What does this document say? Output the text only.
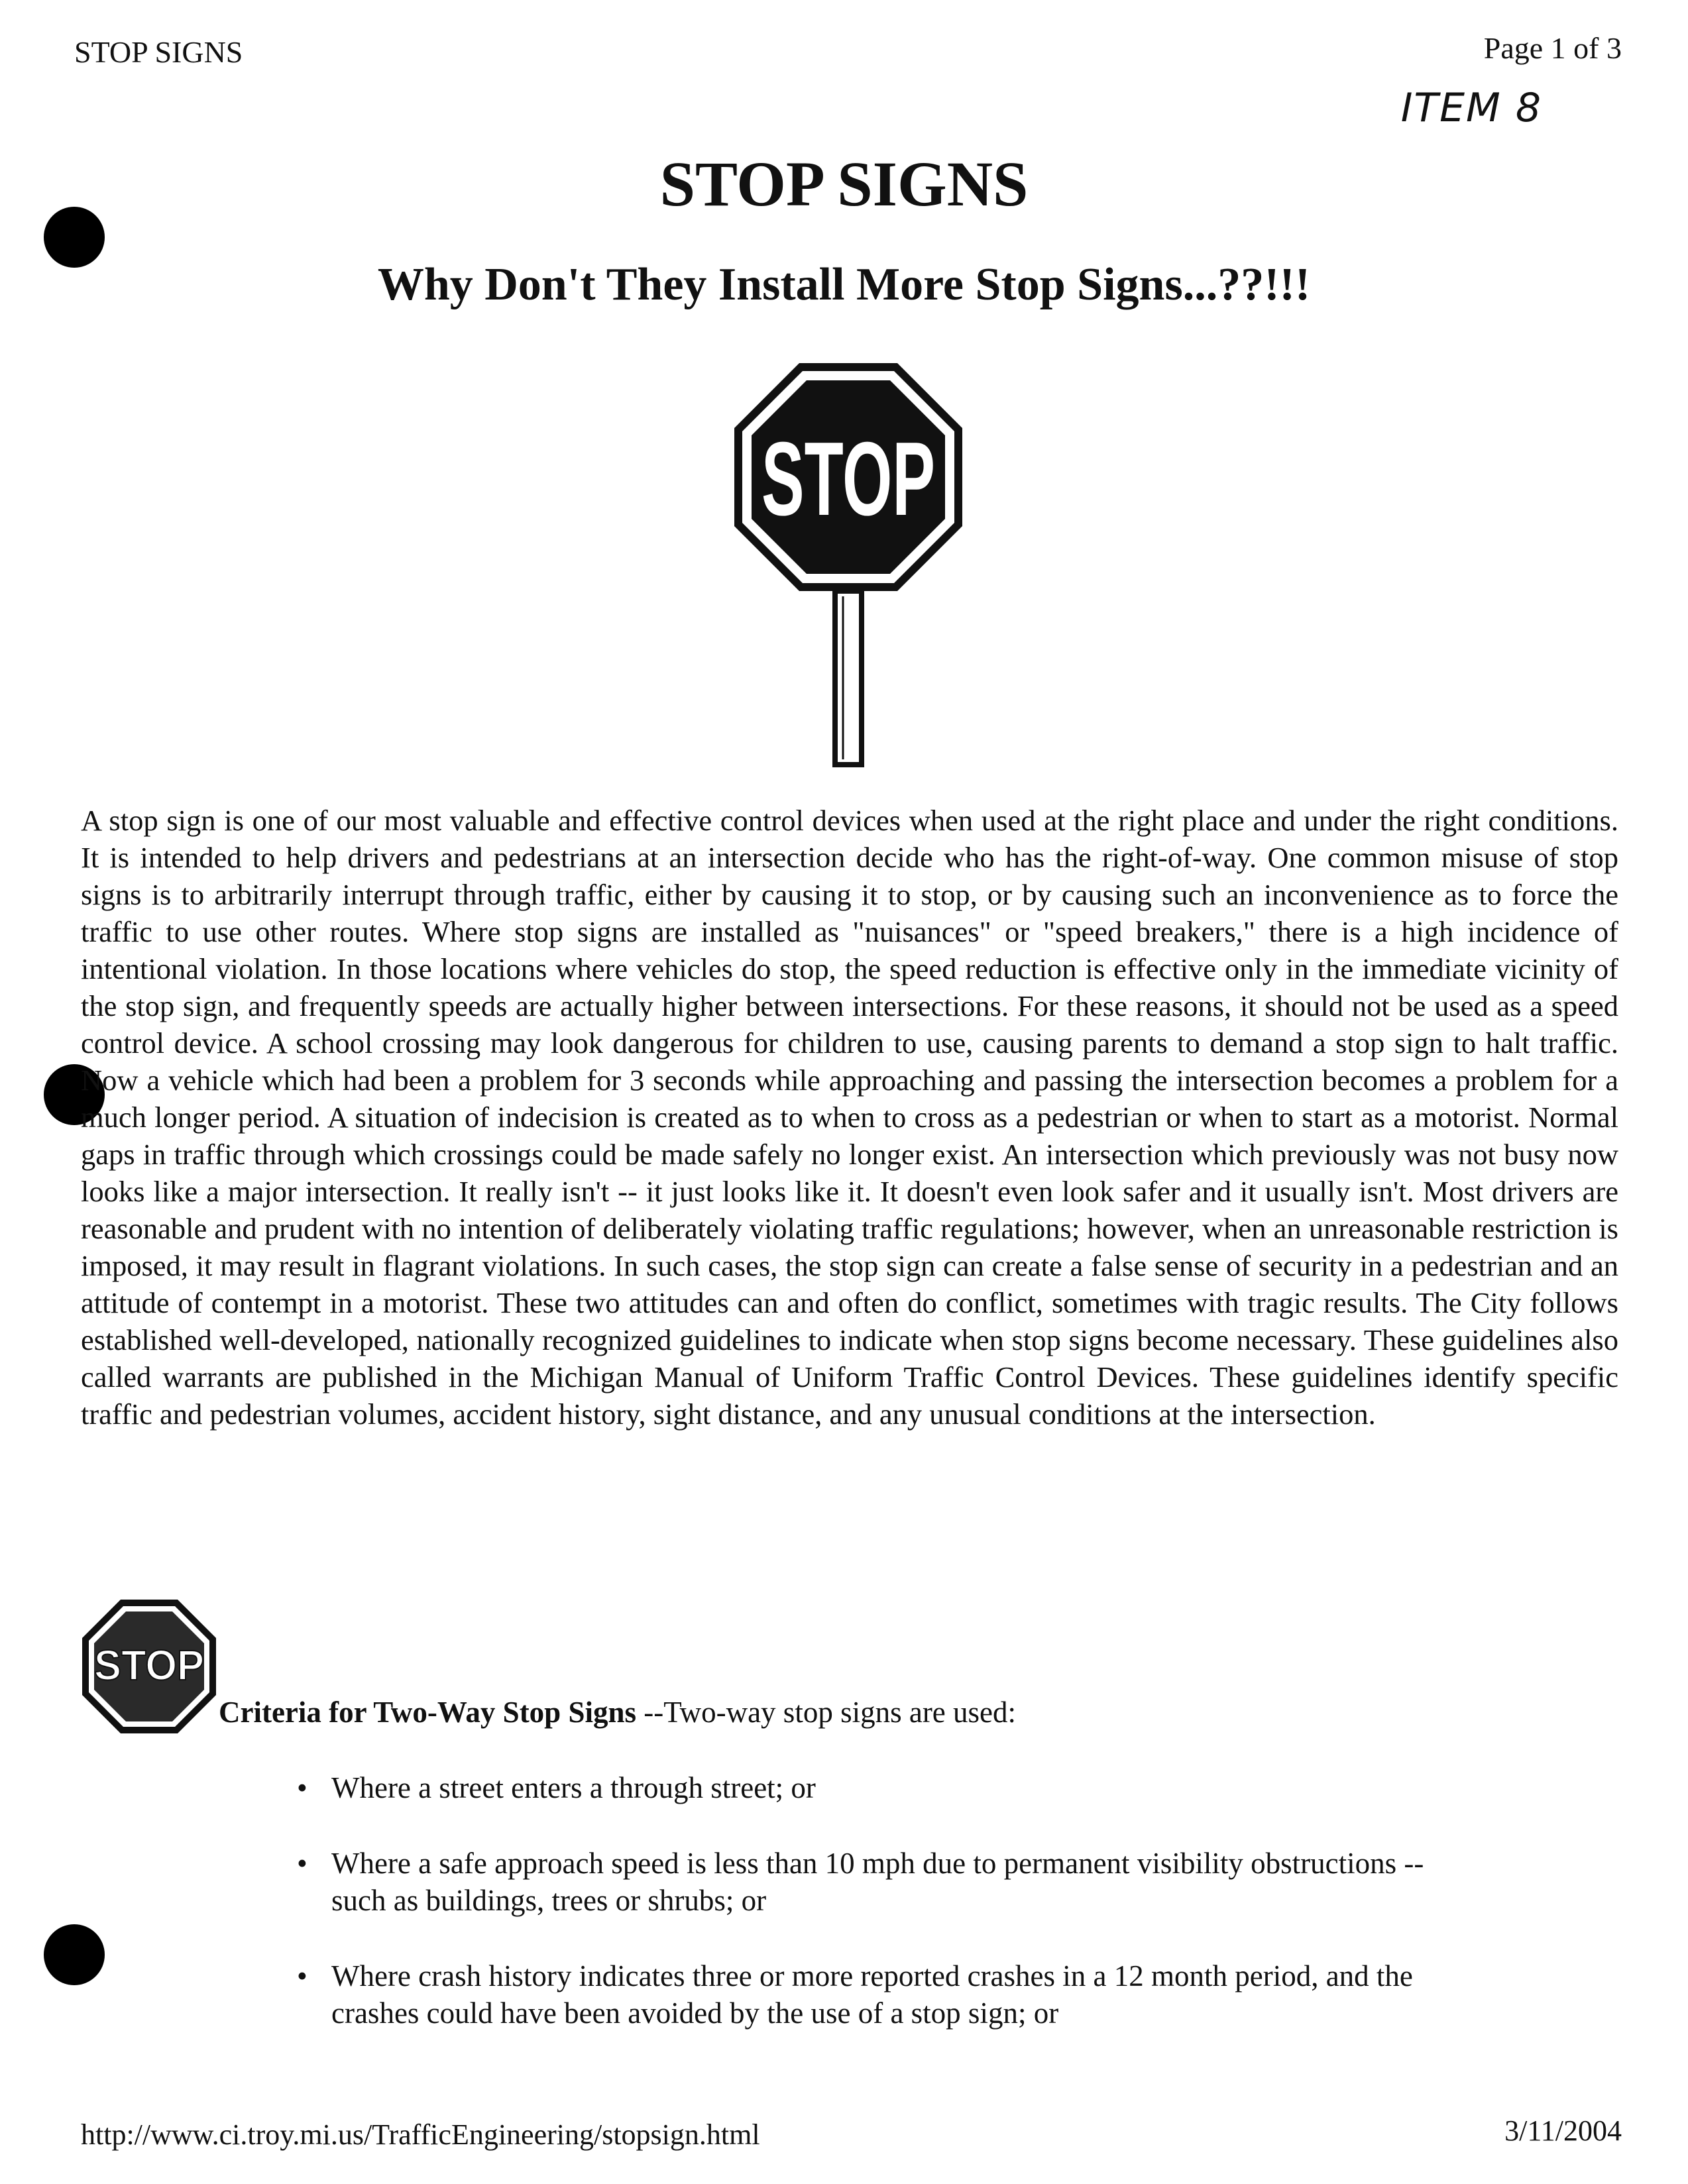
STOP SIGNS	Page 1 of 3
ITEM 8
STOP SIGNS
Why Don't They Install More Stop Signs...??!!!
STOP

A stop sign is one of our most valuable and effective control devices when used at the right place and under the right conditions. It is intended to help drivers and pedestrians at an intersection decide who has the right-of-way. One common misuse of stop signs is to arbitrarily interrupt through traffic, either by causing it to stop, or by causing such an inconvenience as to force the traffic to use other routes. Where stop signs are installed as "nuisances" or "speed breakers," there is a high incidence of intentional violation. In those locations where vehicles do stop, the speed reduction is effective only in the immediate vicinity of the stop sign, and frequently speeds are actually higher between intersections. For these reasons, it should not be used as a speed control device. A school crossing may look dangerous for children to use, causing parents to demand a stop sign to halt traffic. Now a vehicle which had been a problem for 3 seconds while approaching and passing the intersection becomes a problem for a much longer period. A situation of indecision is created as to when to cross as a pedestrian or when to start as a motorist. Normal gaps in traffic through which crossings could be made safely no longer exist. An intersection which previously was not busy now looks like a major intersection. It really isn't -- it just looks like it. It doesn't even look safer and it usually isn't. Most drivers are reasonable and prudent with no intention of deliberately violating traffic regulations; however, when an unreasonable restriction is imposed, it may result in flagrant violations. In such cases, the stop sign can create a false sense of security in a pedestrian and an attitude of contempt in a motorist. These two attitudes can and often do conflict, sometimes with tragic results. The City follows established well-developed, nationally recognized guidelines to indicate when stop signs become necessary. These guidelines also called warrants are published in the Michigan Manual of Uniform Traffic Control Devices. These guidelines identify specific traffic and pedestrian volumes, accident history, sight distance, and any unusual conditions at the intersection.

STOP
Criteria for Two-Way Stop Signs --Two-way stop signs are used:
• Where a street enters a through street; or
• Where a safe approach speed is less than 10 mph due to permanent visibility obstructions -- such as buildings, trees or shrubs; or
• Where crash history indicates three or more reported crashes in a 12 month period, and the crashes could have been avoided by the use of a stop sign; or
http://www.ci.troy.mi.us/TrafficEngineering/stopsign.html	3/11/2004
